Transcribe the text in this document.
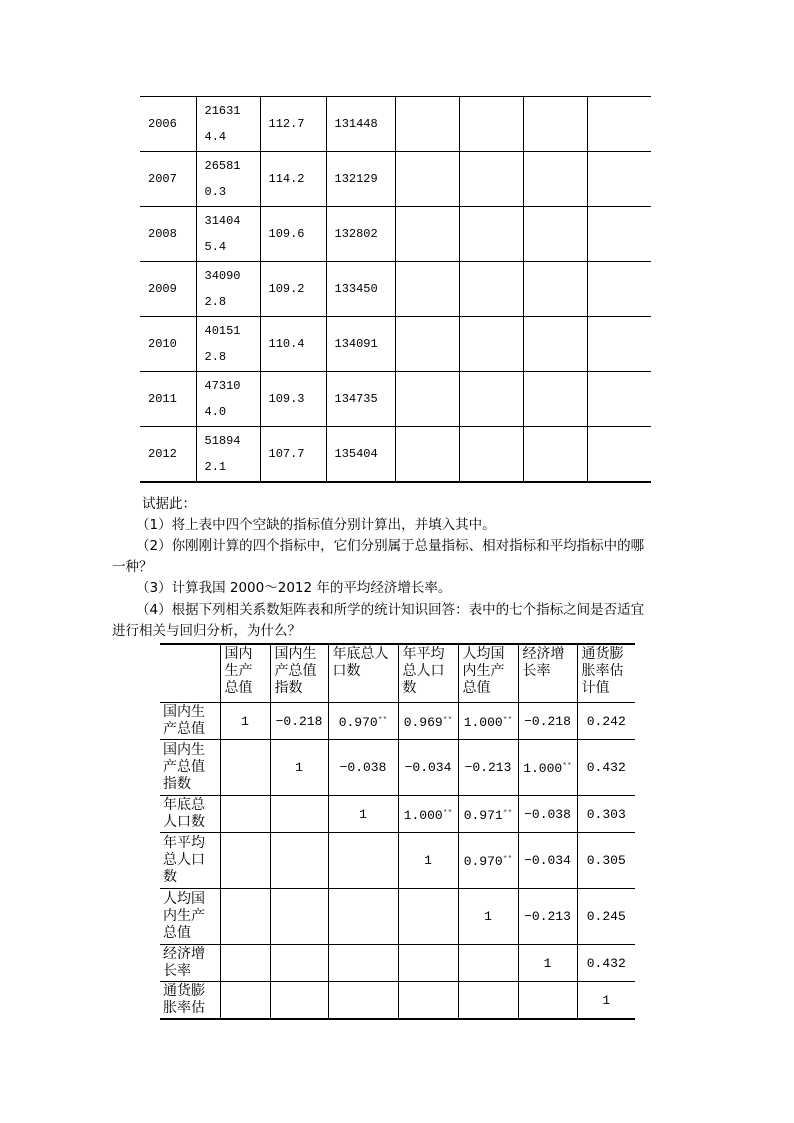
2006	216314.4	112.7	131448				
2007	265810.3	114.2	132129				
2008	314045.4	109.6	132802				
2009	340902.8	109.2	133450				
2010	401512.8	110.4	134091				
2011	473104.0	109.3	134735				
2012	518942.1	107.7	135404				
试据此：
（1）将上表中四个空缺的指标值分别计算出，并填入其中。
（2）你刚刚计算的四个指标中，它们分别属于总量指标、相对指标和平均指标中的哪
一种？
（3）计算我国 2000～2012 年的平均经济增长率。
（4）根据下列相关系数矩阵表和所学的统计知识回答：表中的七个指标之间是否适宜
进行相关与回归分析，为什么？
	国内生产总值	国内生产总值指数	年底总人口数	年平均总人口数	人均国内生产总值	经济增长率	通货膨胀率估计值
国内生产总值	1	−0.218	0.970**	0.969**	1.000**	−0.218	0.242
国内生产总值指数		1	−0.038	−0.034	−0.213	1.000**	0.432
年底总人口数			1	1.000**	0.971**	−0.038	0.303
年平均总人口数				1	0.970**	−0.034	0.305
人均国内生产总值					1	−0.213	0.245
经济增长率						1	0.432
通货膨胀率估							1
